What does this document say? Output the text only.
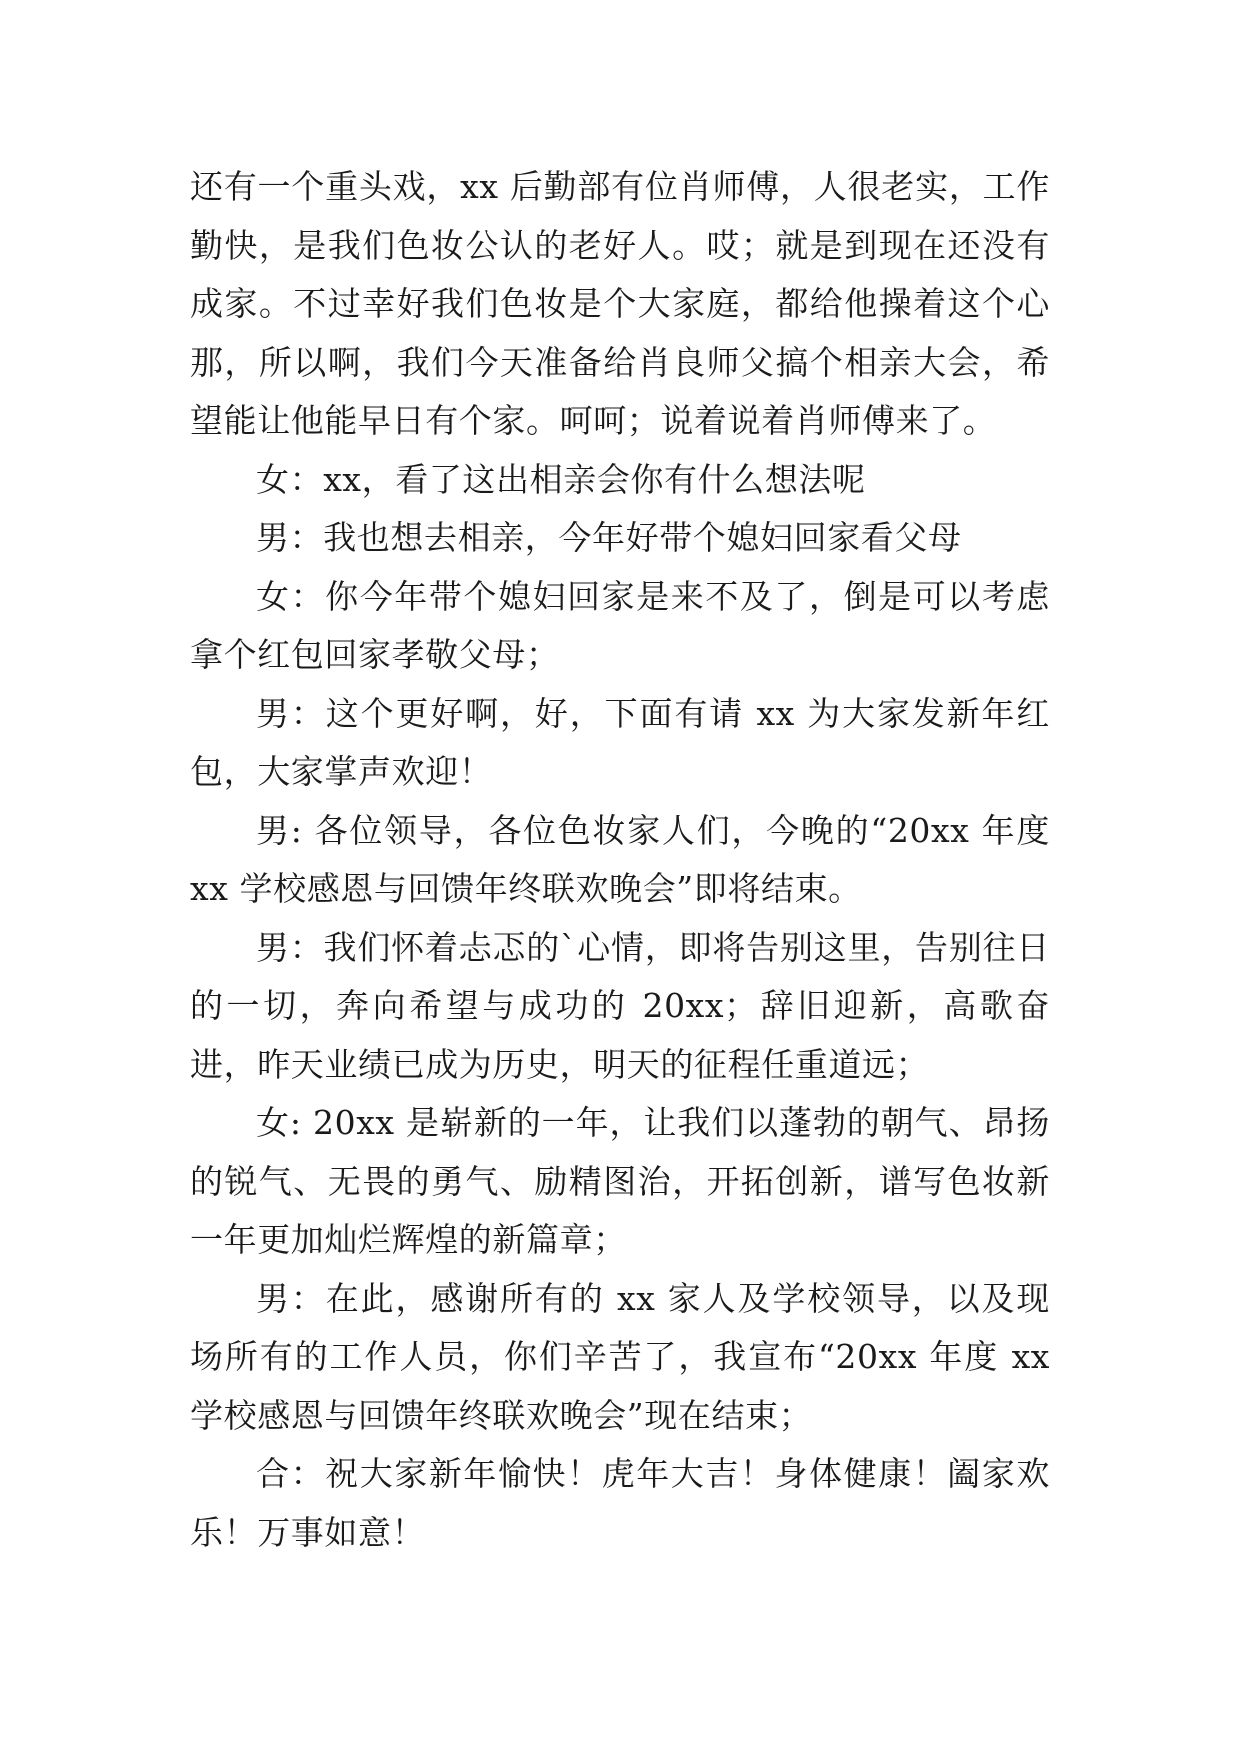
还有一个重头戏，xx 后勤部有位肖师傅，人很老实，工作勤快，是我们色妆公认的老好人。哎；就是到现在还没有成家。不过幸好我们色妆是个大家庭，都给他操着这个心那，所以啊，我们今天准备给肖良师父搞个相亲大会，希望能让他能早日有个家。呵呵；说着说着肖师傅来了。

女：xx，看了这出相亲会你有什么想法呢

男：我也想去相亲，今年好带个媳妇回家看父母

女：你今年带个媳妇回家是来不及了，倒是可以考虑拿个红包回家孝敬父母；

男：这个更好啊，好，下面有请 xx 为大家发新年红包，大家掌声欢迎！

男: 各位领导，各位色妆家人们，今晚的“20xx 年度 xx 学校感恩与回馈年终联欢晚会”即将结束。

男：我们怀着忐忑的`心情，即将告别这里，告别往日的一切，奔向希望与成功的 20xx；辞旧迎新，高歌奋进，昨天业绩已成为历史，明天的征程任重道远；

女: 20xx 是崭新的一年，让我们以蓬勃的朝气、昂扬的锐气、无畏的勇气、励精图治，开拓创新，谱写色妆新一年更加灿烂辉煌的新篇章；

男：在此，感谢所有的 xx 家人及学校领导，以及现场所有的工作人员，你们辛苦了，我宣布“20xx 年度 xx 学校感恩与回馈年终联欢晚会”现在结束；

合：祝大家新年愉快！虎年大吉！身体健康！阖家欢乐！万事如意！
